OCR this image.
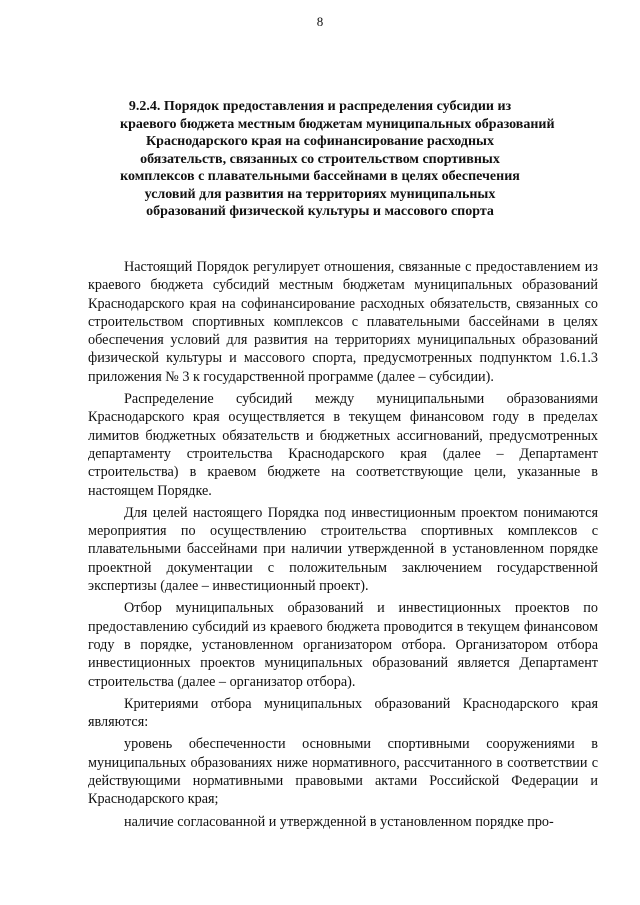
8
9.2.4. Порядок предоставления и распределения субсидии из
краевого бюджета местным бюджетам муниципальных образований
Краснодарского края на софинансирование расходных
обязательств, связанных со строительством спортивных
комплексов с плавательными бассейнами в целях обеспечения
условий для развития на территориях муниципальных
образований физической культуры и массового спорта

Настоящий Порядок регулирует отношения, связанные с предоставлением из краевого бюджета субсидий местным бюджетам муниципальных образований Краснодарского края на софинансирование расходных обязательств, связанных со строительством спортивных комплексов с плавательными бассейнами в целях обеспечения условий для развития на территориях муниципальных образований физической культуры и массового спорта, предусмотренных подпунктом 1.6.1.3 приложения № 3 к государственной программе (далее – субсидии).

Распределение субсидий между муниципальными образованиями Краснодарского края осуществляется в текущем финансовом году в пределах лимитов бюджетных обязательств и бюджетных ассигнований, предусмотренных департаменту строительства Краснодарского края (далее – Департамент строительства) в краевом бюджете на соответствующие цели, указанные в настоящем Порядке.

Для целей настоящего Порядка под инвестиционным проектом понимаются мероприятия по осуществлению строительства спортивных комплексов с плавательными бассейнами при наличии утвержденной в установленном порядке проектной документации с положительным заключением государственной экспертизы (далее – инвестиционный проект).

Отбор муниципальных образований и инвестиционных проектов по предоставлению субсидий из краевого бюджета проводится в текущем финансовом году в порядке, установленном организатором отбора. Организатором отбора инвестиционных проектов муниципальных образований является Департамент строительства (далее – организатор отбора).

Критериями отбора муниципальных образований Краснодарского края являются:

уровень обеспеченности основными спортивными сооружениями в муниципальных образованиях ниже нормативного, рассчитанного в соответствии с действующими нормативными правовыми актами Российской Федерации и Краснодарского края;

наличие согласованной и утвержденной в установленном порядке про-
